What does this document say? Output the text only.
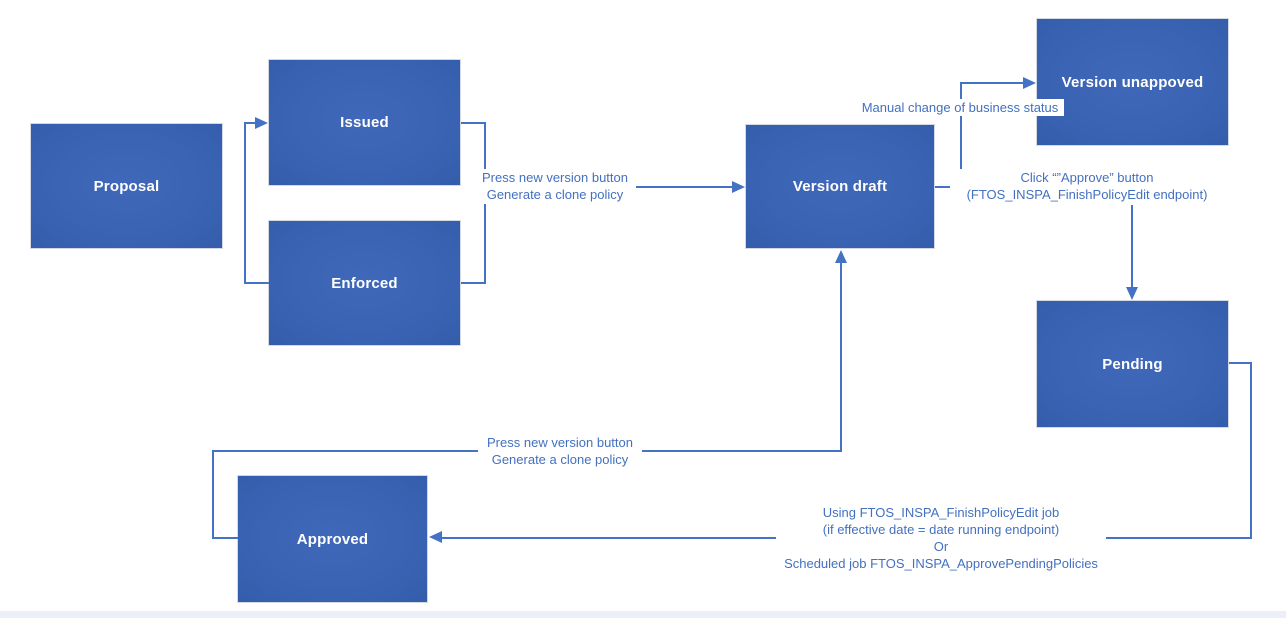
Proposal
Issued
Enforced
Version draft
Version unappoved
Pending
Approved
Press new version button
Generate a clone policy
Manual change of business status
Click “”Approve” button
(FTOS_INSPA_FinishPolicyEdit endpoint)
Press new version button
Generate a clone policy
Using FTOS_INSPA_FinishPolicyEdit job
(if effective date = date running endpoint)
Or
Scheduled job FTOS_INSPA_ApprovePendingPolicies
